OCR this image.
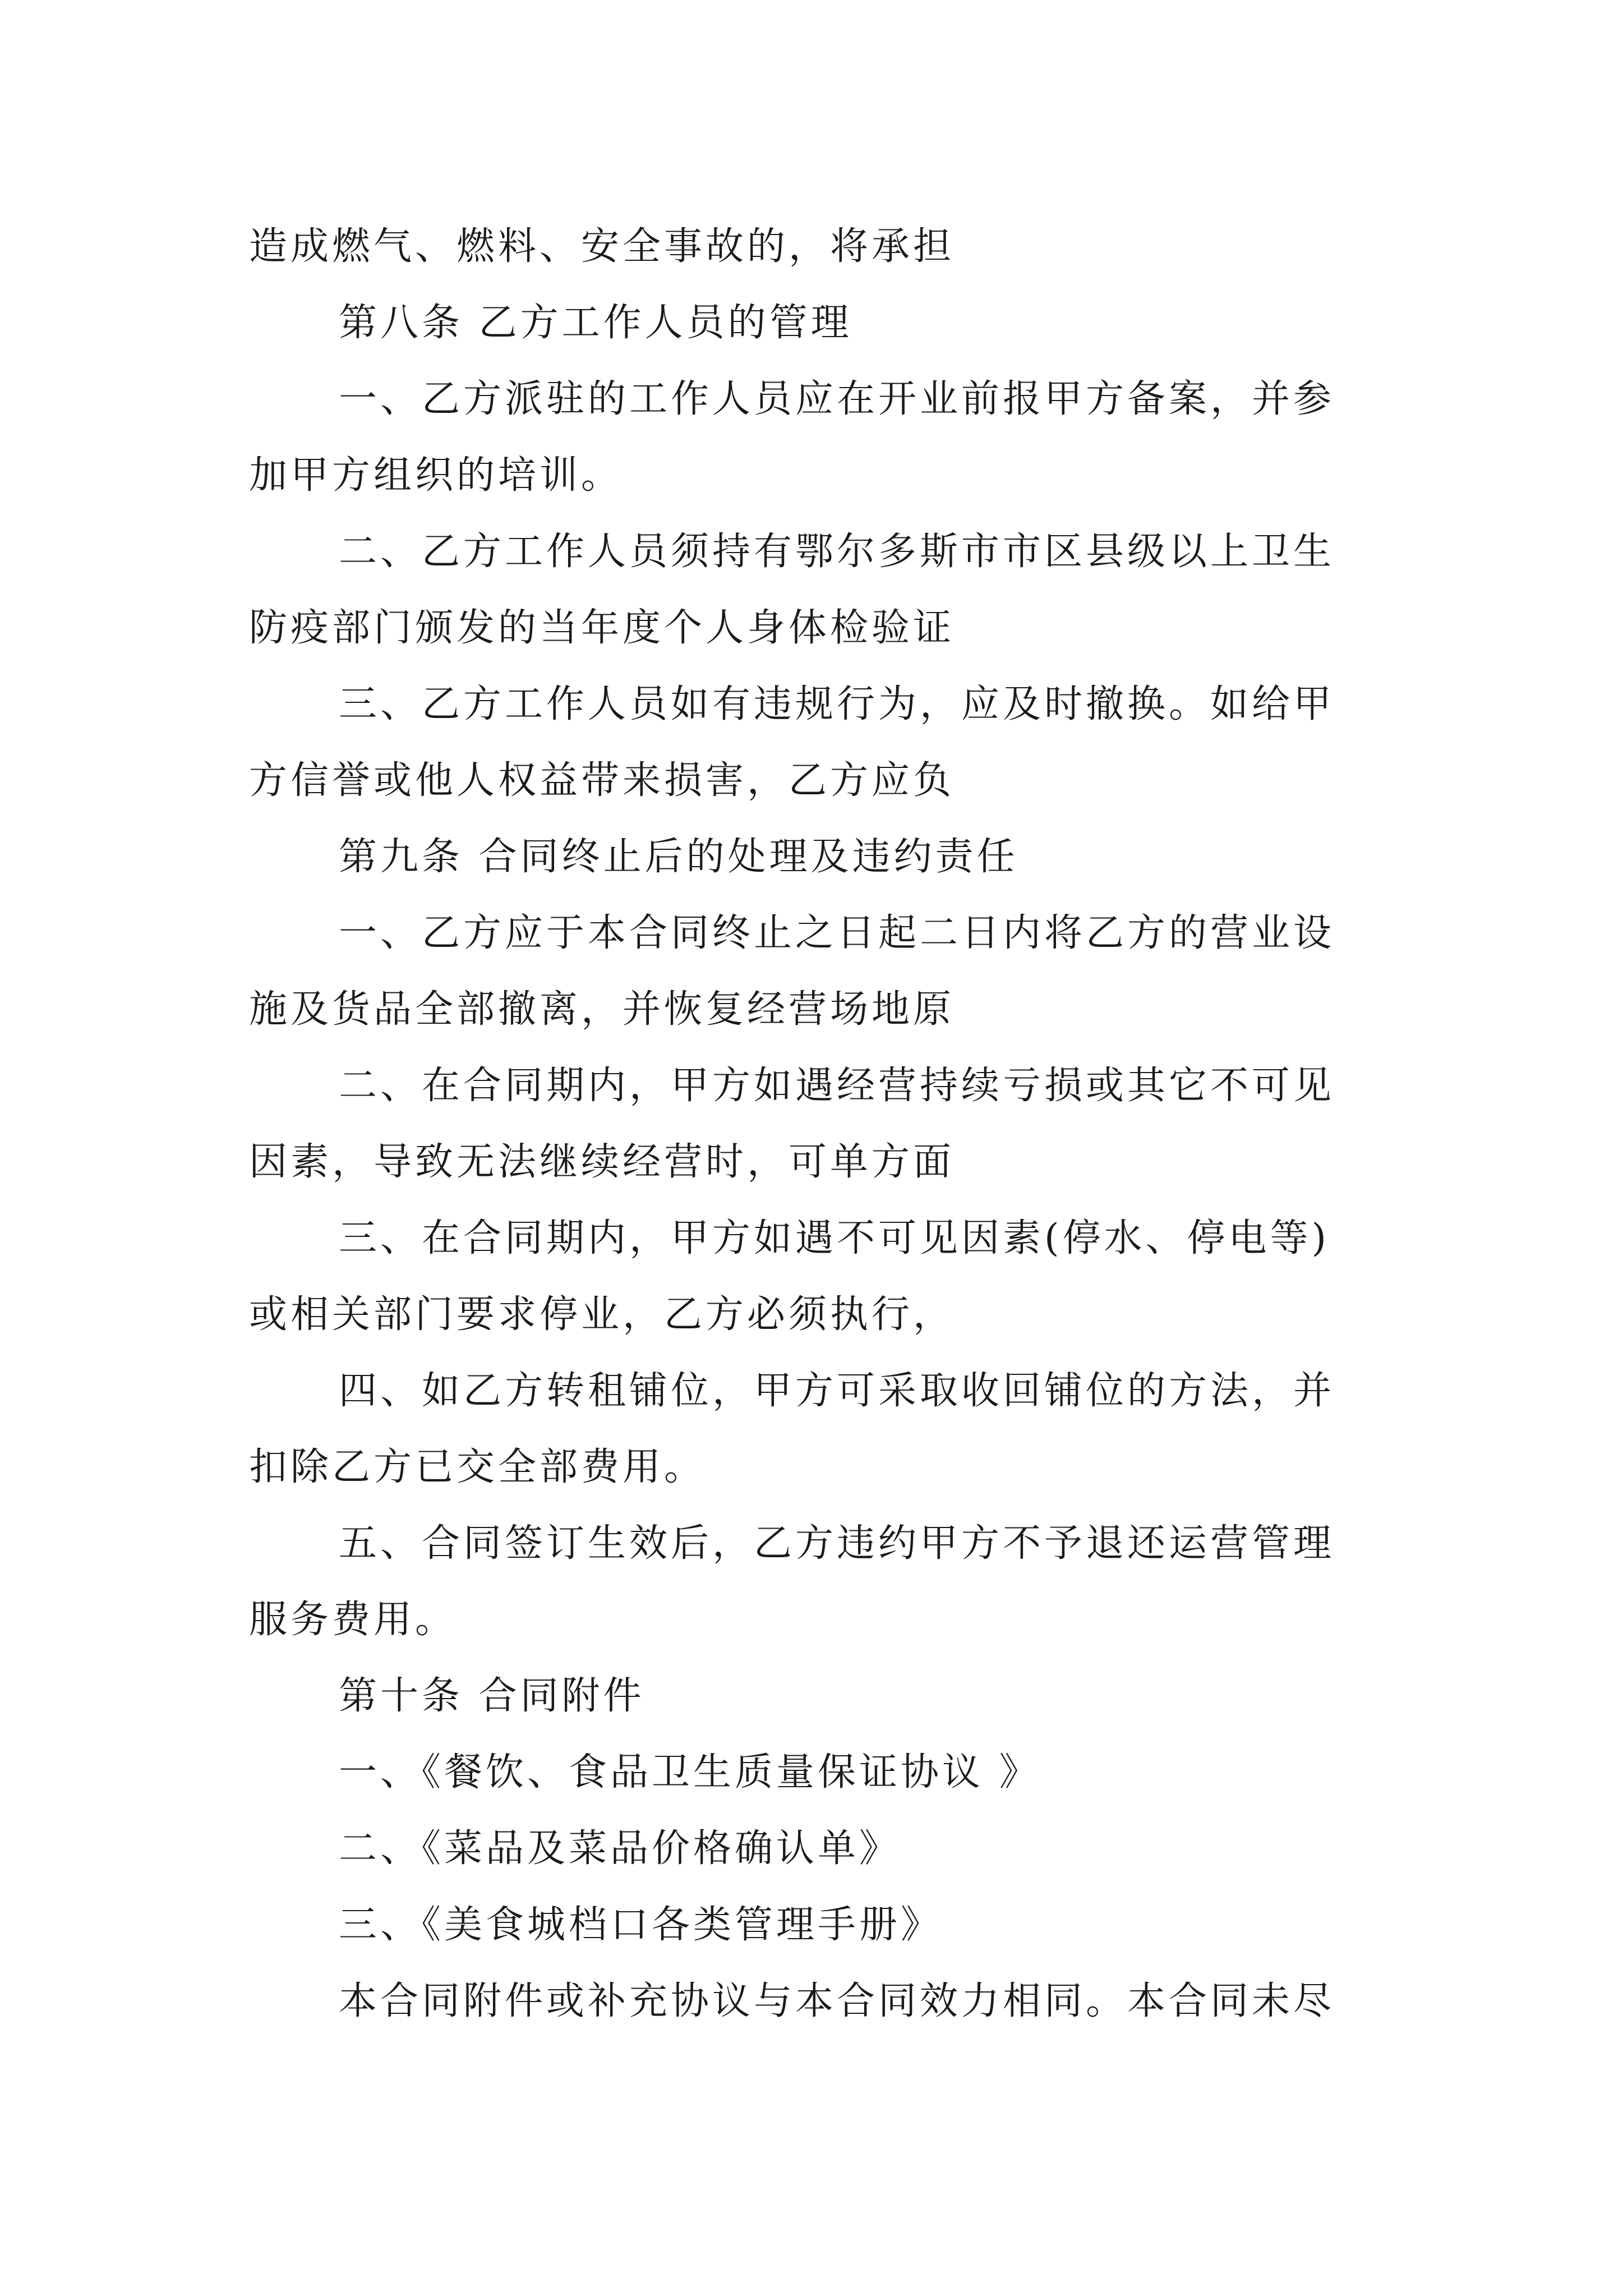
造成燃气、燃料、安全事故的，将承担
第八条 乙方工作人员的管理
一、乙方派驻的工作人员应在开业前报甲方备案，并参
加甲方组织的培训。
二、乙方工作人员须持有鄂尔多斯市市区县级以上卫生
防疫部门颁发的当年度个人身体检验证
三、乙方工作人员如有违规行为，应及时撤换。如给甲
方信誉或他人权益带来损害，乙方应负
第九条 合同终止后的处理及违约责任
一、乙方应于本合同终止之日起二日内将乙方的营业设
施及货品全部撤离，并恢复经营场地原
二、在合同期内，甲方如遇经营持续亏损或其它不可见
因素，导致无法继续经营时，可单方面
三、在合同期内，甲方如遇不可见因素(停水、停电等)
或相关部门要求停业，乙方必须执行，
四、如乙方转租铺位，甲方可采取收回铺位的方法，并
扣除乙方已交全部费用。
五、合同签订生效后，乙方违约甲方不予退还运营管理
服务费用。
第十条 合同附件
一、《餐饮、食品卫生质量保证协议 》
二、《菜品及菜品价格确认单》
三、《美食城档口各类管理手册》
本合同附件或补充协议与本合同效力相同。本合同未尽
